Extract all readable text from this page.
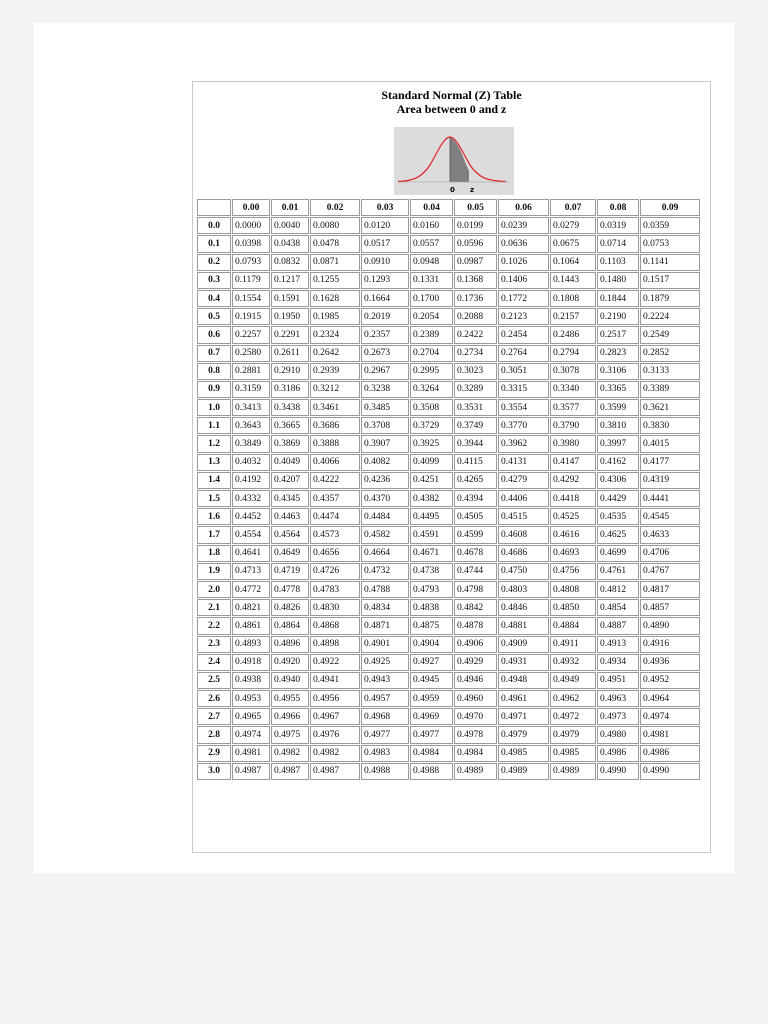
Standard Normal (Z) Table
Area between 0 and z
0 z
	0.00	0.01	0.02	0.03	0.04	0.05	0.06	0.07	0.08	0.09
0.0	0.0000	0.0040	0.0080	0.0120	0.0160	0.0199	0.0239	0.0279	0.0319	0.0359
0.1	0.0398	0.0438	0.0478	0.0517	0.0557	0.0596	0.0636	0.0675	0.0714	0.0753
0.2	0.0793	0.0832	0.0871	0.0910	0.0948	0.0987	0.1026	0.1064	0.1103	0.1141
0.3	0.1179	0.1217	0.1255	0.1293	0.1331	0.1368	0.1406	0.1443	0.1480	0.1517
0.4	0.1554	0.1591	0.1628	0.1664	0.1700	0.1736	0.1772	0.1808	0.1844	0.1879
0.5	0.1915	0.1950	0.1985	0.2019	0.2054	0.2088	0.2123	0.2157	0.2190	0.2224
0.6	0.2257	0.2291	0.2324	0.2357	0.2389	0.2422	0.2454	0.2486	0.2517	0.2549
0.7	0.2580	0.2611	0.2642	0.2673	0.2704	0.2734	0.2764	0.2794	0.2823	0.2852
0.8	0.2881	0.2910	0.2939	0.2967	0.2995	0.3023	0.3051	0.3078	0.3106	0.3133
0.9	0.3159	0.3186	0.3212	0.3238	0.3264	0.3289	0.3315	0.3340	0.3365	0.3389
1.0	0.3413	0.3438	0.3461	0.3485	0.3508	0.3531	0.3554	0.3577	0.3599	0.3621
1.1	0.3643	0.3665	0.3686	0.3708	0.3729	0.3749	0.3770	0.3790	0.3810	0.3830
1.2	0.3849	0.3869	0.3888	0.3907	0.3925	0.3944	0.3962	0.3980	0.3997	0.4015
1.3	0.4032	0.4049	0.4066	0.4082	0.4099	0.4115	0.4131	0.4147	0.4162	0.4177
1.4	0.4192	0.4207	0.4222	0.4236	0.4251	0.4265	0.4279	0.4292	0.4306	0.4319
1.5	0.4332	0.4345	0.4357	0.4370	0.4382	0.4394	0.4406	0.4418	0.4429	0.4441
1.6	0.4452	0.4463	0.4474	0.4484	0.4495	0.4505	0.4515	0.4525	0.4535	0.4545
1.7	0.4554	0.4564	0.4573	0.4582	0.4591	0.4599	0.4608	0.4616	0.4625	0.4633
1.8	0.4641	0.4649	0.4656	0.4664	0.4671	0.4678	0.4686	0.4693	0.4699	0.4706
1.9	0.4713	0.4719	0.4726	0.4732	0.4738	0.4744	0.4750	0.4756	0.4761	0.4767
2.0	0.4772	0.4778	0.4783	0.4788	0.4793	0.4798	0.4803	0.4808	0.4812	0.4817
2.1	0.4821	0.4826	0.4830	0.4834	0.4838	0.4842	0.4846	0.4850	0.4854	0.4857
2.2	0.4861	0.4864	0.4868	0.4871	0.4875	0.4878	0.4881	0.4884	0.4887	0.4890
2.3	0.4893	0.4896	0.4898	0.4901	0.4904	0.4906	0.4909	0.4911	0.4913	0.4916
2.4	0.4918	0.4920	0.4922	0.4925	0.4927	0.4929	0.4931	0.4932	0.4934	0.4936
2.5	0.4938	0.4940	0.4941	0.4943	0.4945	0.4946	0.4948	0.4949	0.4951	0.4952
2.6	0.4953	0.4955	0.4956	0.4957	0.4959	0.4960	0.4961	0.4962	0.4963	0.4964
2.7	0.4965	0.4966	0.4967	0.4968	0.4969	0.4970	0.4971	0.4972	0.4973	0.4974
2.8	0.4974	0.4975	0.4976	0.4977	0.4977	0.4978	0.4979	0.4979	0.4980	0.4981
2.9	0.4981	0.4982	0.4982	0.4983	0.4984	0.4984	0.4985	0.4985	0.4986	0.4986
3.0	0.4987	0.4987	0.4987	0.4988	0.4988	0.4989	0.4989	0.4989	0.4990	0.4990
